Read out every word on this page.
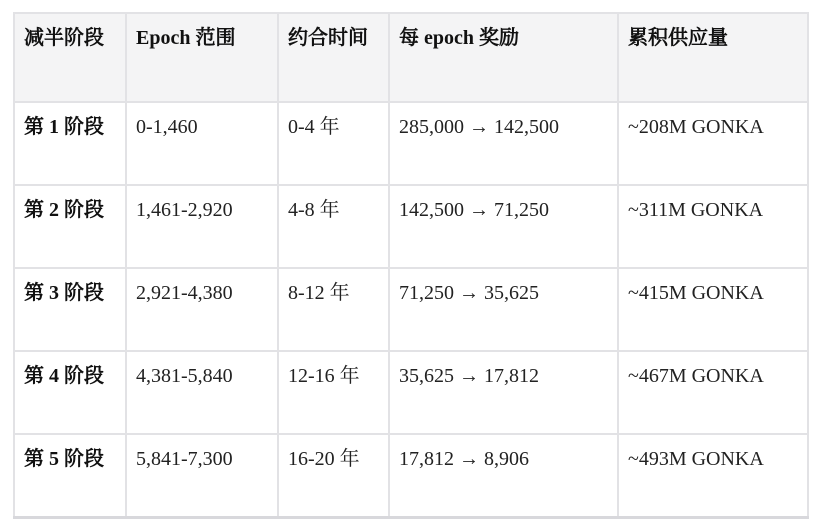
减半阶段	Epoch 范围	约合时间	每 epoch 奖励	累积供应量
第 1 阶段	0-1,460	0-4 年	285,000 → 142,500	~208M GONKA
第 2 阶段	1,461-2,920	4-8 年	142,500 → 71,250	~311M GONKA
第 3 阶段	2,921-4,380	8-12 年	71,250 → 35,625	~415M GONKA
第 4 阶段	4,381-5,840	12-16 年	35,625 → 17,812	~467M GONKA
第 5 阶段	5,841-7,300	16-20 年	17,812 → 8,906	~493M GONKA
